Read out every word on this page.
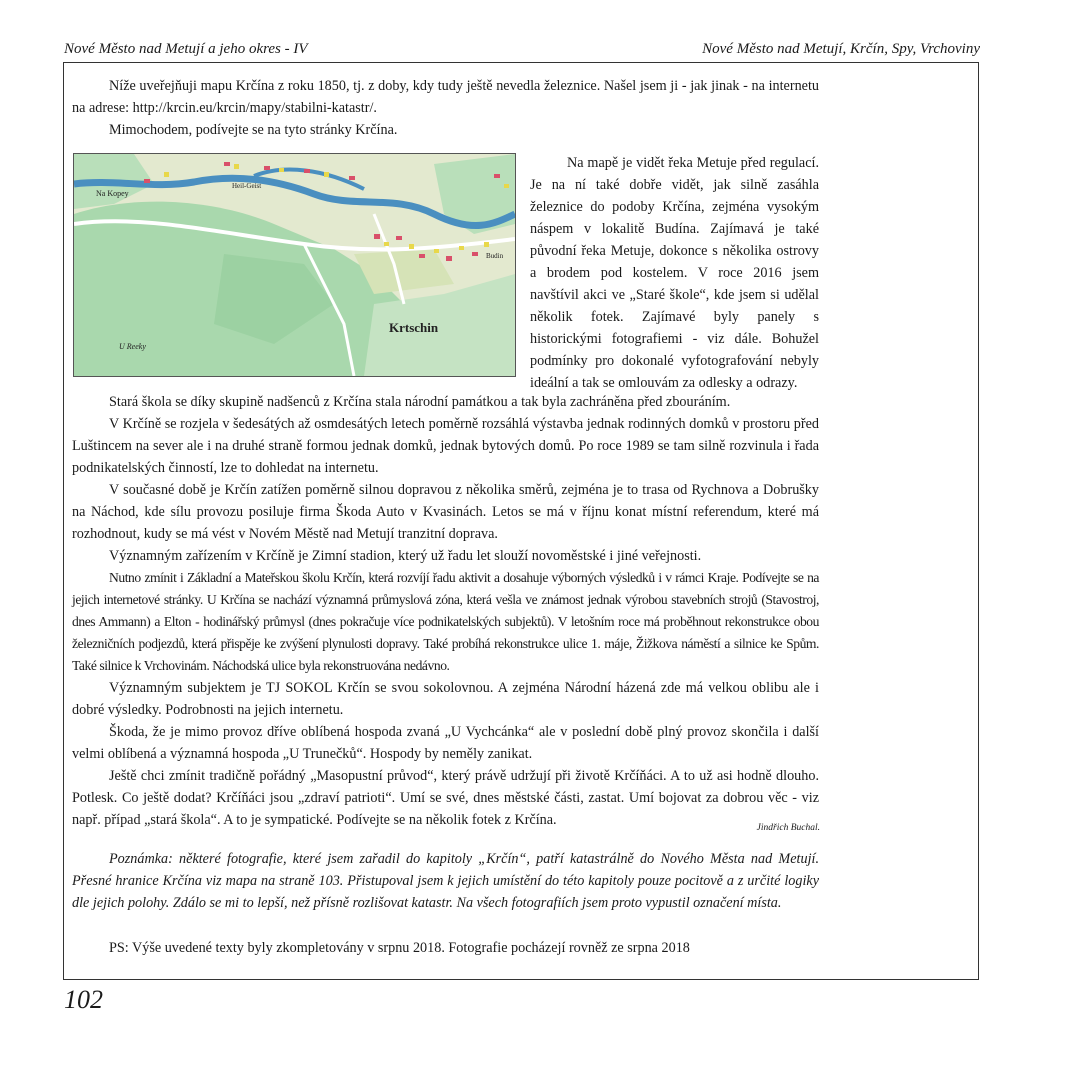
Nové Město nad Metují a jeho okres - IV	Nové Město nad Metují, Krčín, Spy, Vrchoviny

Níže uveřejňuji mapu Krčína z roku 1850, tj. z doby, kdy tudy ještě nevedla železnice. Našel jsem ji - jak jinak - na internetu na adrese: http://krcin.eu/krcin/mapy/stabilni-katastr/.

Mimochodem, podívejte se na tyto stránky Krčína.

Na Kopey
Heil-Geist
Budin
Krtschin
U Reeky
Na mapě je vidět řeka Metuje před regulací. Je na ní také dobře vidět, jak silně zasáhla železnice do podoby Krčína, zejména vysokým náspem v lokalitě Budína. Zajímavá je také původní řeka Metuje, dokonce s několika ostrovy a brodem pod kostelem. V roce 2016 jsem navštívil akci ve „Staré škole“, kde jsem si udělal několik fotek. Zajímavé byly panely s historickými fotografiemi - viz dále. Bohužel podmínky pro dokonalé vyfotografování nebyly ideální a tak se omlouvám za odlesky a odrazy.

Stará škola se díky skupině nadšenců z Krčína stala národní památkou a tak byla zachráněna před zbouráním.

V Krčíně se rozjela v šedesátých až osmdesátých letech poměrně rozsáhlá výstavba jednak rodinných domků v prostoru před Luštincem na sever ale i na druhé straně formou jednak domků, jednak bytových domů. Po roce 1989 se tam silně rozvinula i řada podnikatelských činností, lze to dohledat na internetu.

V současné době je Krčín zatížen poměrně silnou dopravou z několika směrů, zejména je to trasa od Rychnova a Dobrušky na Náchod, kde sílu provozu posiluje firma Škoda Auto v Kvasinách. Letos se má v říjnu konat místní referendum, které má rozhodnout, kudy se má vést v Novém Městě nad Metují tranzitní doprava.

Významným zařízením v Krčíně je Zimní stadion, který už řadu let slouží novoměstské i jiné veřejnosti.

Nutno zmínit i Základní a Mateřskou školu Krčín, která rozvíjí řadu aktivit a dosahuje výborných výsledků i v rámci Kraje. Podívejte se na jejich internetové stránky. U Krčína se nachází významná průmyslová zóna, která vešla ve známost jednak výrobou stavebních strojů (Stavostroj, dnes Ammann) a Elton - hodinářský průmysl (dnes pokračuje více podnikatelských subjektů). V letošním roce má proběhnout rekonstrukce obou železničních podjezdů, která přispěje ke zvýšení plynulosti dopravy. Také probíhá rekonstrukce ulice 1. máje, Žižkova náměstí a silnice ke Spům. Také silnice k Vrchovinám. Náchodská ulice byla rekonstruována nedávno.

Významným subjektem je TJ SOKOL Krčín se svou sokolovnou. A zejména Národní házená zde má velkou oblibu ale i dobré výsledky. Podrobnosti na jejich internetu.

Škoda, že je mimo provoz dříve oblíbená hospoda zvaná „U Vychcánka“ ale v poslední době plný provoz skončila i další velmi oblíbená a významná hospoda „U Trunečků“. Hospody by neměly zanikat.

Ještě chci zmínit tradičně pořádný „Masopustní průvod“, který právě udržují při životě Krčíňáci. A to už asi hodně dlouho. Potlesk. Co ještě dodat? Krčíňáci jsou „zdraví patrioti“. Umí se své, dnes městské části, zastat. Umí bojovat za dobrou věc - viz např. případ „stará škola“. A to je sympatické. Podívejte se na několik fotek z Krčína.	Jindřich Buchal.
Poznámka: některé fotografie, které jsem zařadil do kapitoly „Krčín“, patří katastrálně do Nového Města nad Metují. Přesné hranice Krčína viz mapa na straně 103. Přistupoval jsem k jejich umístění do této kapitoly pouze pocitově a z určité logiky dle jejich polohy. Zdálo se mi to lepší, než přísně rozlišovat katastr. Na všech fotografiích jsem proto vypustil označení místa.
PS: Výše uvedené texty byly zkompletovány v srpnu 2018. Fotografie pocházejí rovněž ze srpna 2018
102
